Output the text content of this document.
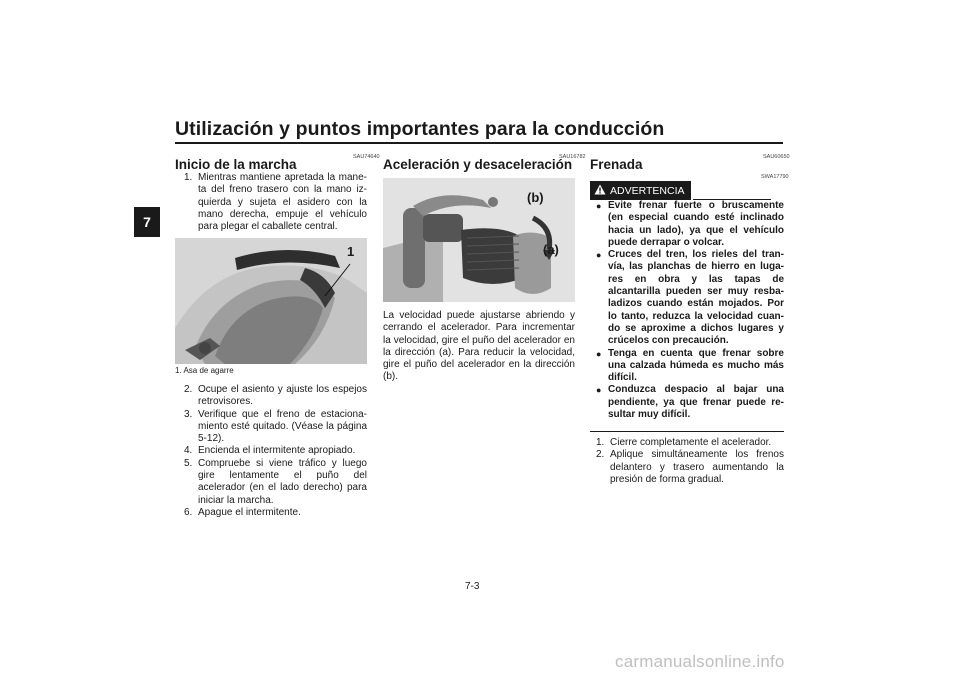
Utilización y puntos importantes para la conducción
7
SAU74640
Inicio de la marcha
1. Mientras mantiene apretada la mane-ta del freno trasero con la mano iz-quierda y sujeta el asidero con la mano derecha, empuje el vehículo para plegar el caballete central.
1
1. Asa de agarre
2. Ocupe el asiento y ajuste los espejos retrovisores.
3. Verifique que el freno de estaciona-miento esté quitado. (Véase la página 5-12).
4. Encienda el intermitente apropiado.
5. Compruebe si viene tráfico y luego gire lentamente el puño del acelerador (en el lado derecho) para iniciar la marcha.
6. Apague el intermitente.
SAU16782
Aceleración y desaceleración
(b)
(a)
La velocidad puede ajustarse abriendo y cerrando el acelerador. Para incrementar la velocidad, gire el puño del acelerador en la dirección (a). Para reducir la velocidad, gire el puño del acelerador en la dirección (b).
SAU60650
Frenada
SWA17790
ADVERTENCIA
● Evite frenar fuerte o bruscamente (en especial cuando esté inclinado hacia un lado), ya que el vehículo puede derrapar o volcar.
● Cruces del tren, los rieles del tran-vía, las planchas de hierro en luga-res en obra y las tapas de alcantarilla pueden ser muy resba-ladizos cuando están mojados. Por lo tanto, reduzca la velocidad cuan-do se aproxime a dichos lugares y crúcelos con precaución.
● Tenga en cuenta que frenar sobre una calzada húmeda es mucho más difícil.
● Conduzca despacio al bajar una pendiente, ya que frenar puede re-sultar muy difícil.
1. Cierre completamente el acelerador.
2. Aplique simultáneamente los frenos delantero y trasero aumentando la presión de forma gradual.
7-3
carmanualsonline.info
